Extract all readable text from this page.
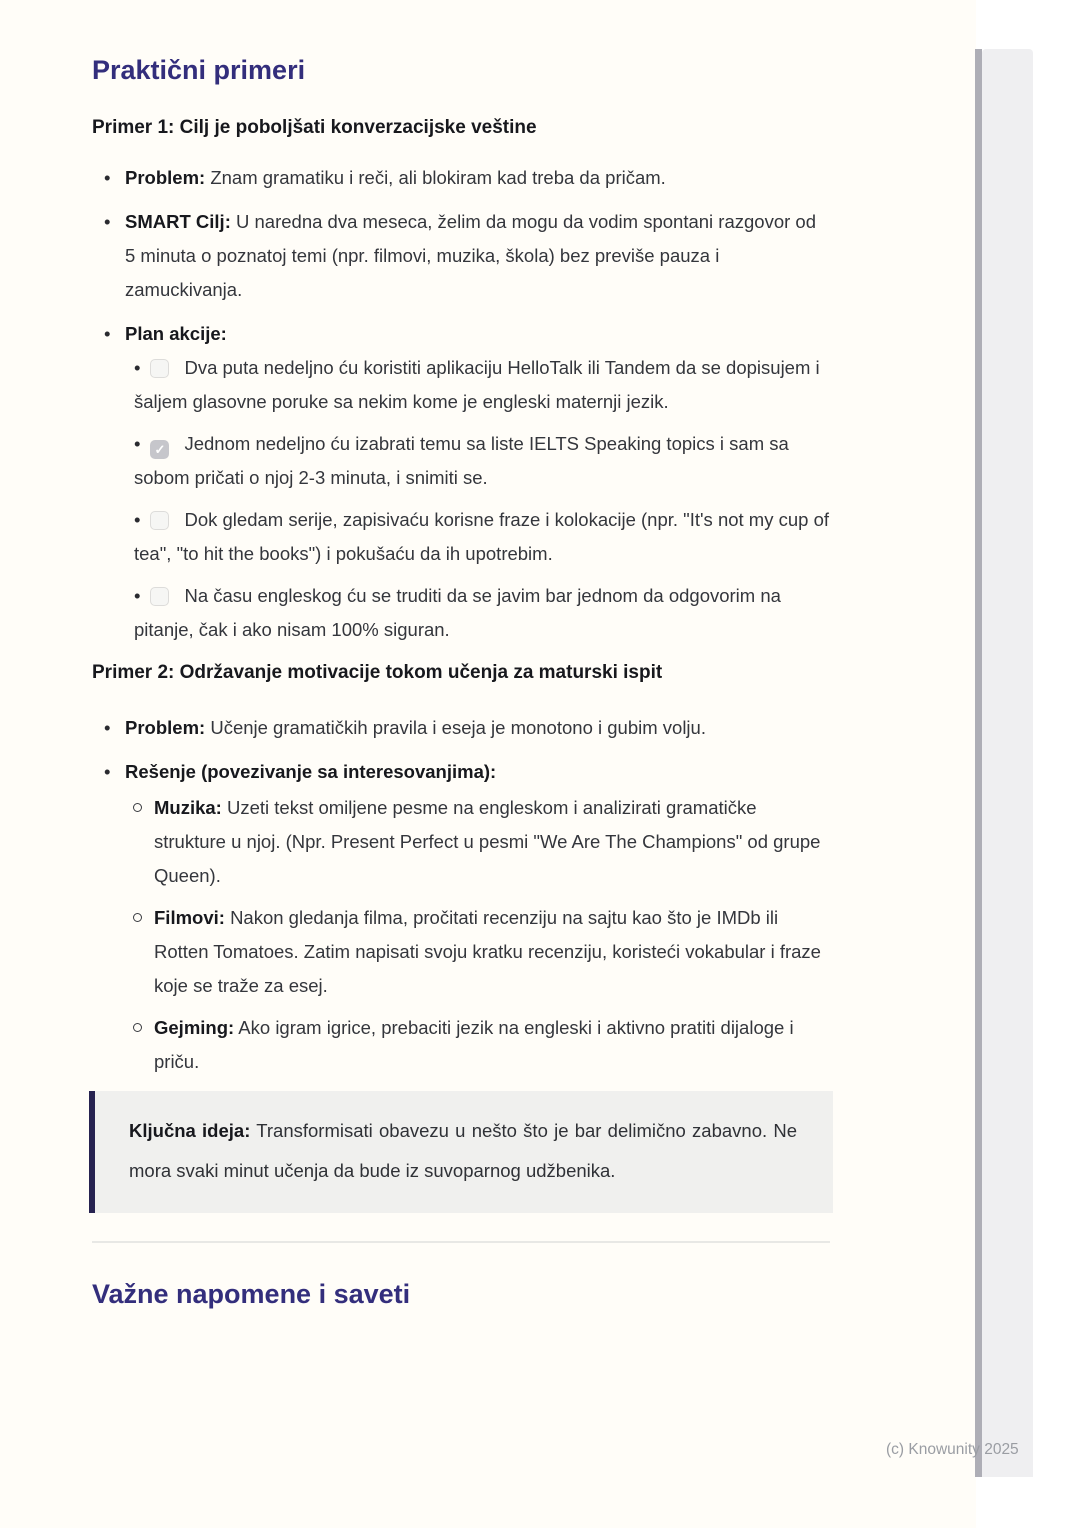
Praktični primeri
Primer 1: Cilj je poboljšati konverzacijske veštine
• Problem: Znam gramatiku i reči, ali blokiram kad treba da pričam.
• SMART Cilj: U naredna dva meseca, želim da mogu da vodim spontani razgovor od 5 minuta o poznatoj temi (npr. filmovi, muzika, škola) bez previše pauza i zamuckivanja.
• Plan akcije:
• Dva puta nedeljno ću koristiti aplikaciju HelloTalk ili Tandem da se dopisujem i šaljem glasovne poruke sa nekim kome je engleski maternji jezik.
• ✓ Jednom nedeljno ću izabrati temu sa liste IELTS Speaking topics i sam sa sobom pričati o njoj 2-3 minuta, i snimiti se.
• Dok gledam serije, zapisivaću korisne fraze i kolokacije (npr. "It's not my cup of tea", "to hit the books") i pokušaću da ih upotrebim.
• Na času engleskog ću se truditi da se javim bar jednom da odgovorim na pitanje, čak i ako nisam 100% siguran.
Primer 2: Održavanje motivacije tokom učenja za maturski ispit
• Problem: Učenje gramatičkih pravila i eseja je monotono i gubim volju.
• Rešenje (povezivanje sa interesovanjima):
Muzika: Uzeti tekst omiljene pesme na engleskom i analizirati gramatičke strukture u njoj. (Npr. Present Perfect u pesmi "We Are The Champions" od grupe Queen).
Filmovi: Nakon gledanja filma, pročitati recenziju na sajtu kao što je IMDb ili Rotten Tomatoes. Zatim napisati svoju kratku recenziju, koristeći vokabular i fraze koje se traže za esej.
Gejming: Ako igram igrice, prebaciti jezik na engleski i aktivno pratiti dijaloge i priču.

Ključna ideja: Transformisati obavezu u nešto što je bar delimično zabavno. Ne mora svaki minut učenja da bude iz suvoparnog udžbenika.

Važne napomene i saveti
(c) Knowunity 2025
